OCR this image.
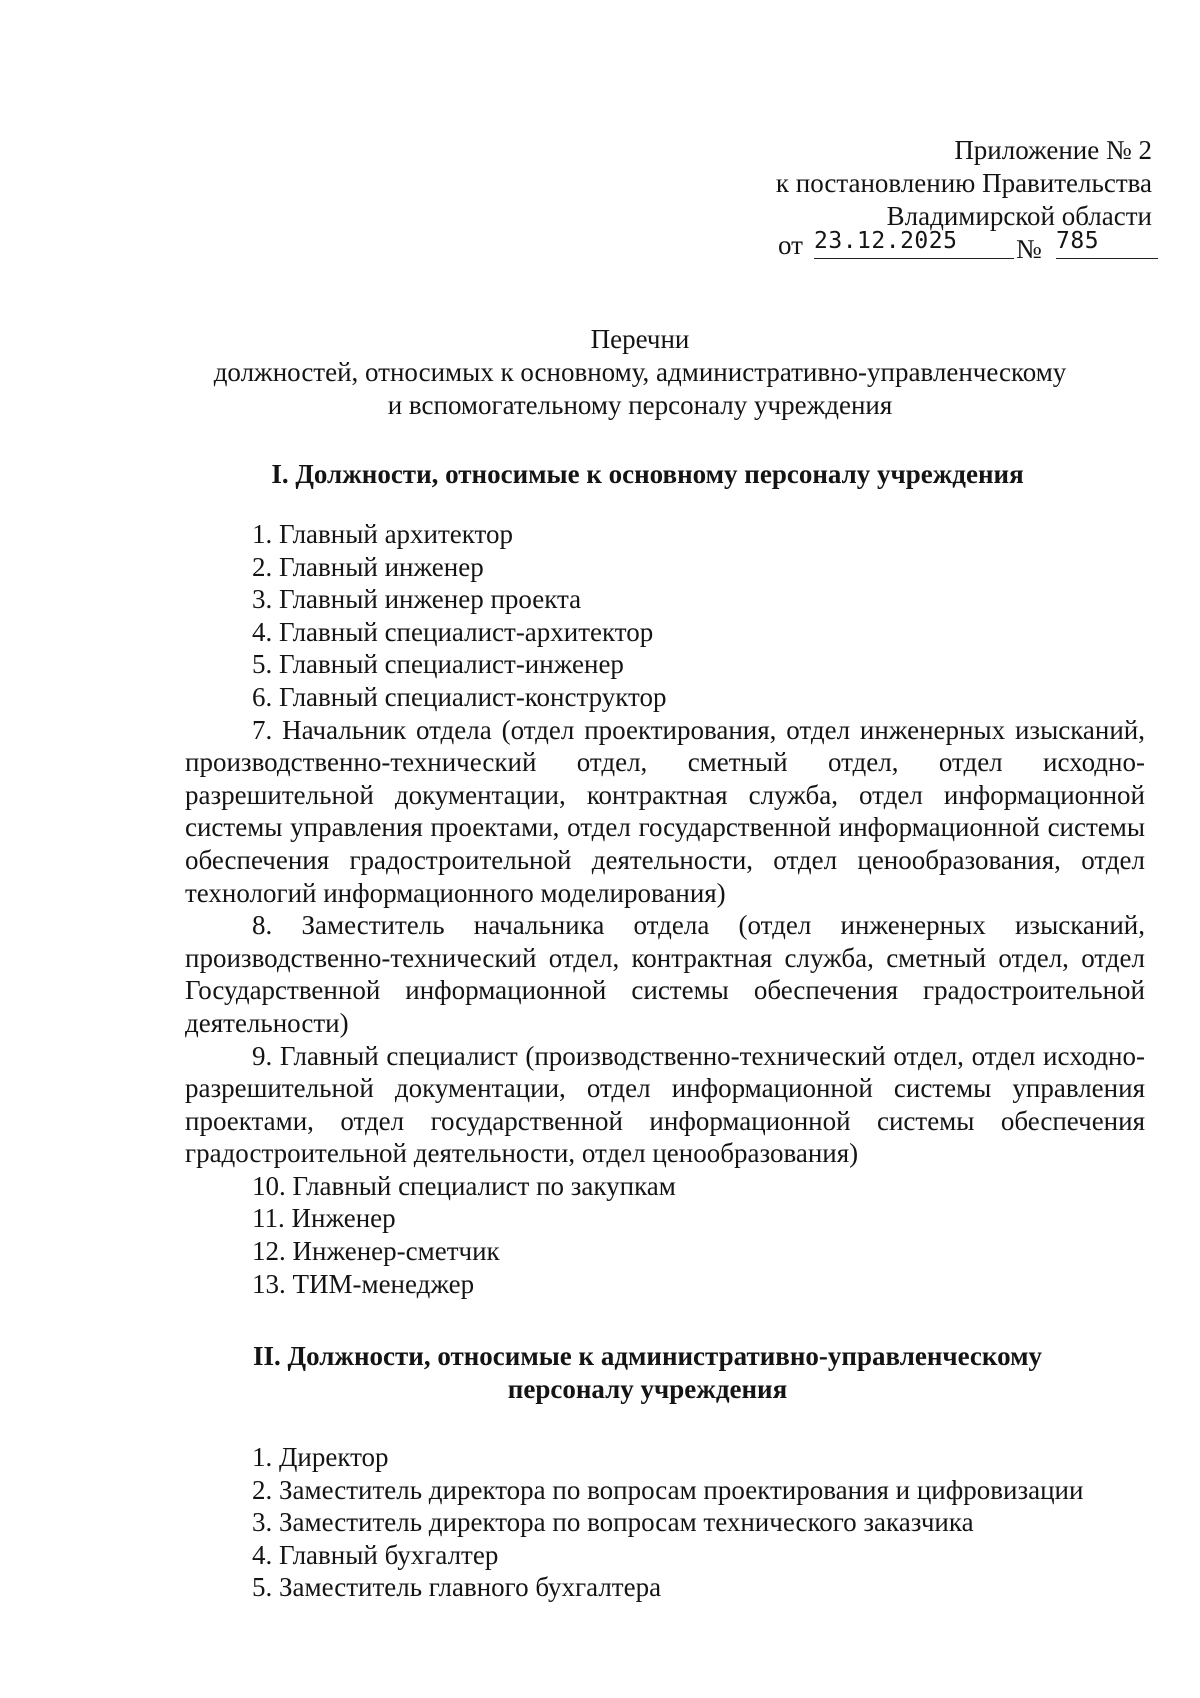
Приложение № 2
к постановлению Правительства
Владимирской области
от 23.12.2025	№ 785
Перечни
должностей, относимых к основному, административно-управленческому
и вспомогательному персоналу учреждения
I. Должности, относимые к основному персоналу учреждения

1. Главный архитектор

2. Главный инженер

3. Главный инженер проекта

4. Главный специалист-архитектор

5. Главный специалист-инженер

6. Главный специалист-конструктор

7. Начальник отдела (отдел проектирования, отдел инженерных изысканий, производственно-технический отдел, сметный отдел, отдел исходно-разрешительной документации, контрактная служба, отдел информационной системы управления проектами, отдел государственной информационной системы обеспечения градостроительной деятельности, отдел ценообразования, отдел технологий информационного моделирования)

8. Заместитель начальника отдела (отдел инженерных изысканий, производственно-технический отдел, контрактная служба, сметный отдел, отдел Государственной информационной системы обеспечения градостроительной деятельности)

9. Главный специалист (производственно-технический отдел, отдел исходно-разрешительной документации, отдел информационной системы управления проектами, отдел государственной информационной системы обеспечения градостроительной деятельности, отдел ценообразования)

10. Главный специалист по закупкам

11. Инженер

12. Инженер-сметчик

13. ТИМ-менеджер

II. Должности, относимые к административно-управленческому
персоналу учреждения

1. Директор

2. Заместитель директора по вопросам проектирования и цифровизации

3. Заместитель директора по вопросам технического заказчика

4. Главный бухгалтер

5. Заместитель главного бухгалтера
